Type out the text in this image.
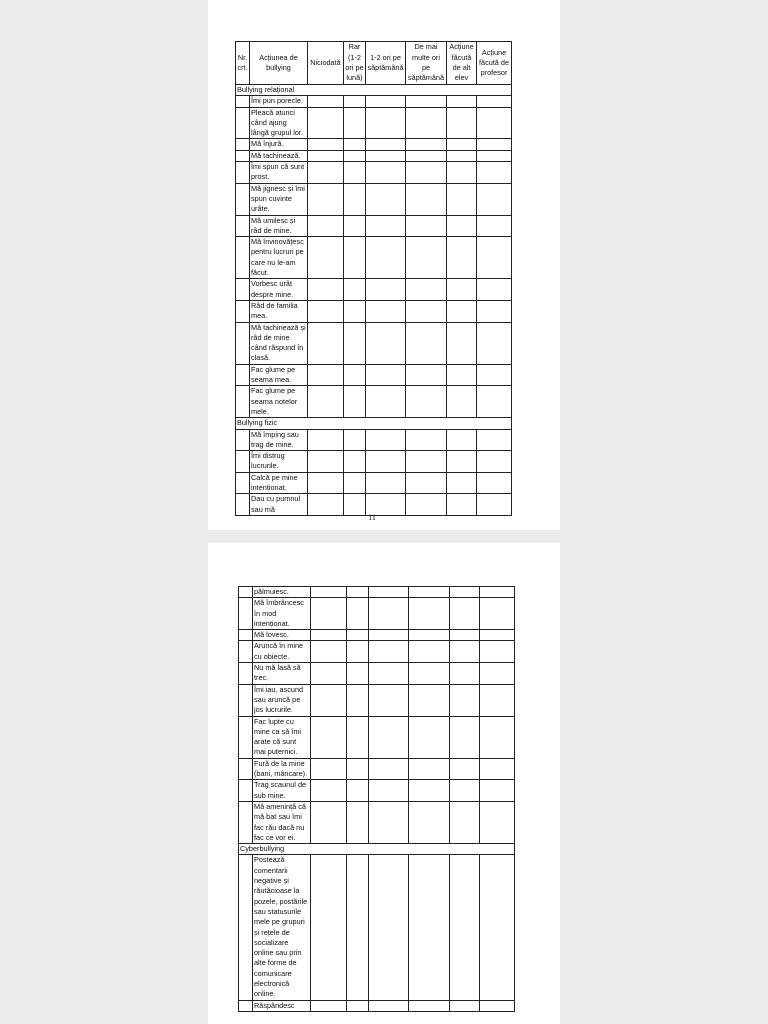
Nr. crt.	Acțiunea de bullying	Niciodată	Rar (1-2 ori pe lună)	1-2 ori pe săptămână	De mai multe ori pe săptămână	Acțiune făcută de alt elev	Acțiune făcută de profesor
Bullying relațional							
	Îmi pun porecle.						
	Pleacă atunci când ajung lângă grupul lor.						
	Mă înjură.						
	Mă tachinează.						
	Îmi spun că sunt prost.						
	Mă jignesc și îmi spun cuvinte urâte.						
	Mă umilesc și râd de mine.						
	Mă învinovățesc pentru lucruri pe care nu le-am făcut.						
	Vorbesc urât despre mine.						
	Râd de familia mea.						
	Mă tachinează și râd de mine când răspund în clasă.						
	Fac glume pe seama mea.						
	Fac glume pe seama notelor mele.						
Bullying fizic							
	Mă împing sau trag de mine.						
	Îmi distrug lucrurile.						
	Calcă pe mine intenționat.						
	Dau cu pumnul sau mă						
11
	pălmuiesc.						
	Mă îmbrâncesc în mod intenționat.						
	Mă lovesc.						
	Aruncă în mine cu obiecte.						
	Nu mă lasă să trec.						
	Îmi iau, ascund sau aruncă pe jos lucrurile.						
	Fac lupte cu mine ca să îmi arate că sunt mai puternici.						
	Fură de la mine (bani, mâncare).						
	Trag scaunul de sub mine.						
	Mă amenință că mă bat sau îmi fac rău dacă nu fac ce vor ei.						
Cyberbullying							
	Postează comentarii negative și răutăcioase la pozele, postările sau statusurile mele pe grupuri și rețele de socializare online sau prin alte forme de comunicare electronică online.						
	Răspândesc						
